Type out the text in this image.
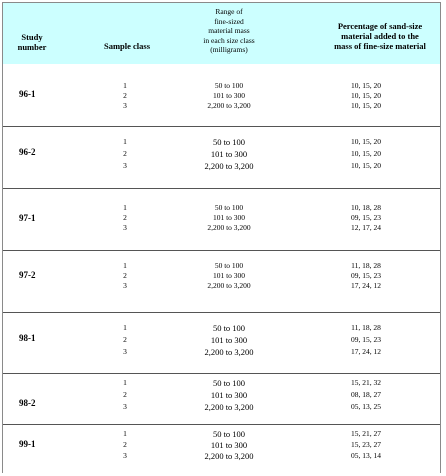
Study
number	Sample class
Range of
fine-sized
material mass
in each size class
(milligrams)
Percentage of sand-size
material added to the
mass of fine-size material
96-1
1	50 to 100	10, 15, 20
2	101 to 300	10, 15, 20
3	2,200 to 3,200	10, 15, 20
96-2
1	50 to 100	10, 15, 20
2	101 to 300	10, 15, 20
3	2,200 to 3,200	10, 15, 20
97-1
1	50 to 100	10, 18, 28
2	101 to 300	09, 15, 23
3	2,200 to 3,200	12, 17, 24
97-2
1	50 to 100	11, 18, 28
2	101 to 300	09, 15, 23
3	2,200 to 3,200	17, 24, 12
98-1
1	50 to 100	11, 18, 28
2	101 to 300	09, 15, 23
3	2,200 to 3,200	17, 24, 12
98-2
1	50 to 100	15, 21, 32
2	101 to 300	08, 18, 27
3	2,200 to 3,200	05, 13, 25
99-1
1	50 to 100	15, 21, 27
2	101 to 300	15, 23, 27
3	2,200 to 3,200	05, 13, 14
